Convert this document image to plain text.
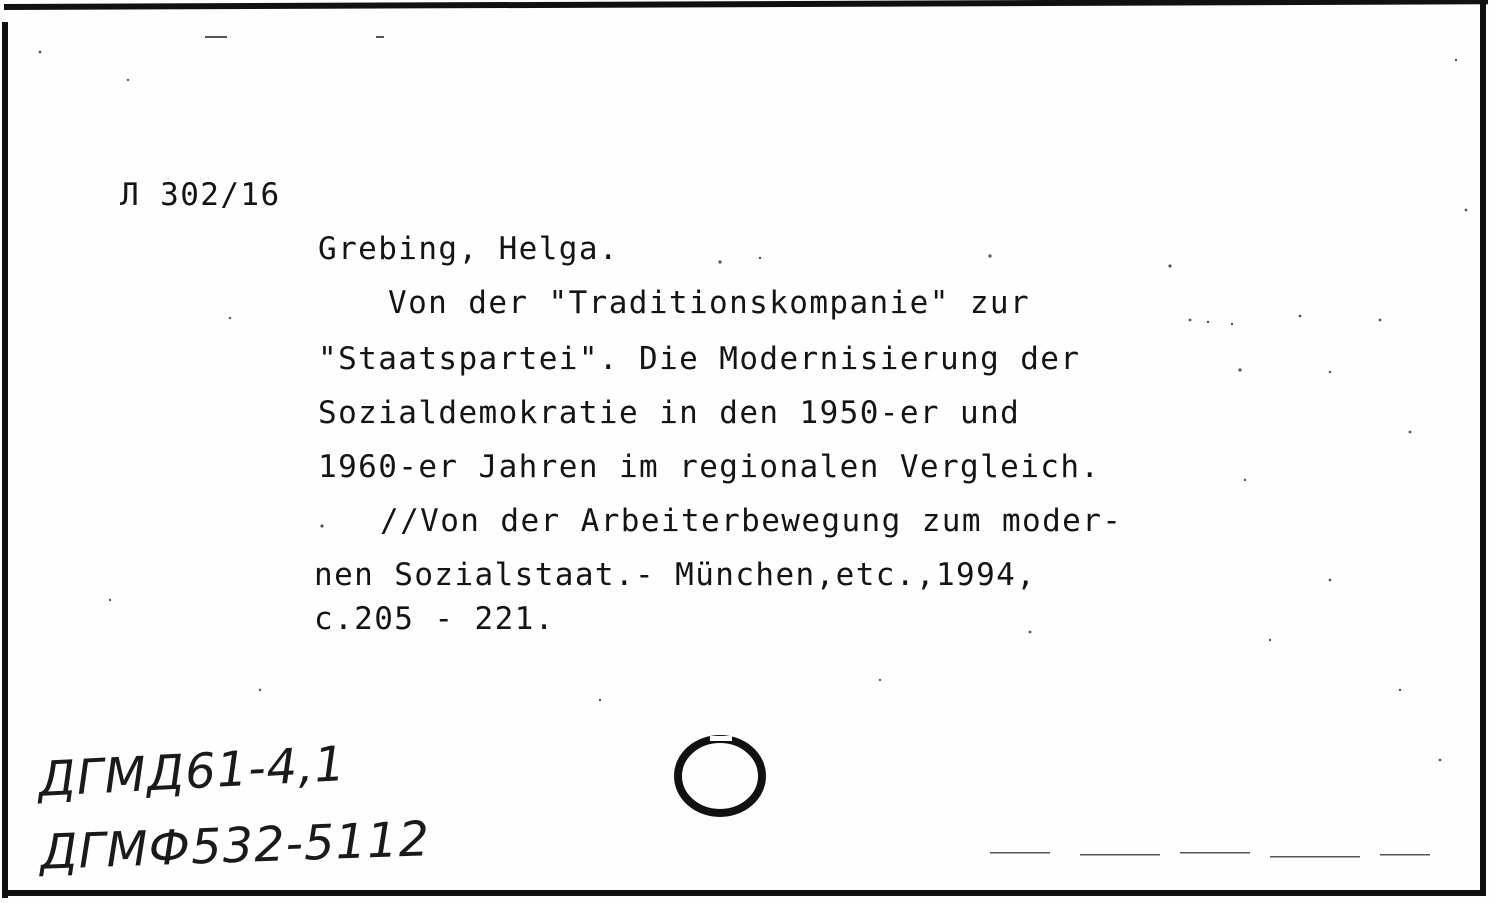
Л 302/16
Grebing, Helga.
Von der "Traditionskompanie" zur
"Staatspartei". Die Modernisierung der
Sozialdemokratie in den 1950-er und
1960-er Jahren im regionalen Vergleich.
//Von der Arbeiterbewegung zum moder-
nen Sozialstaat.- München,etc.,1994,
c.205 - 221.
ДГМД61-4,1
ДГМФ532-5112
